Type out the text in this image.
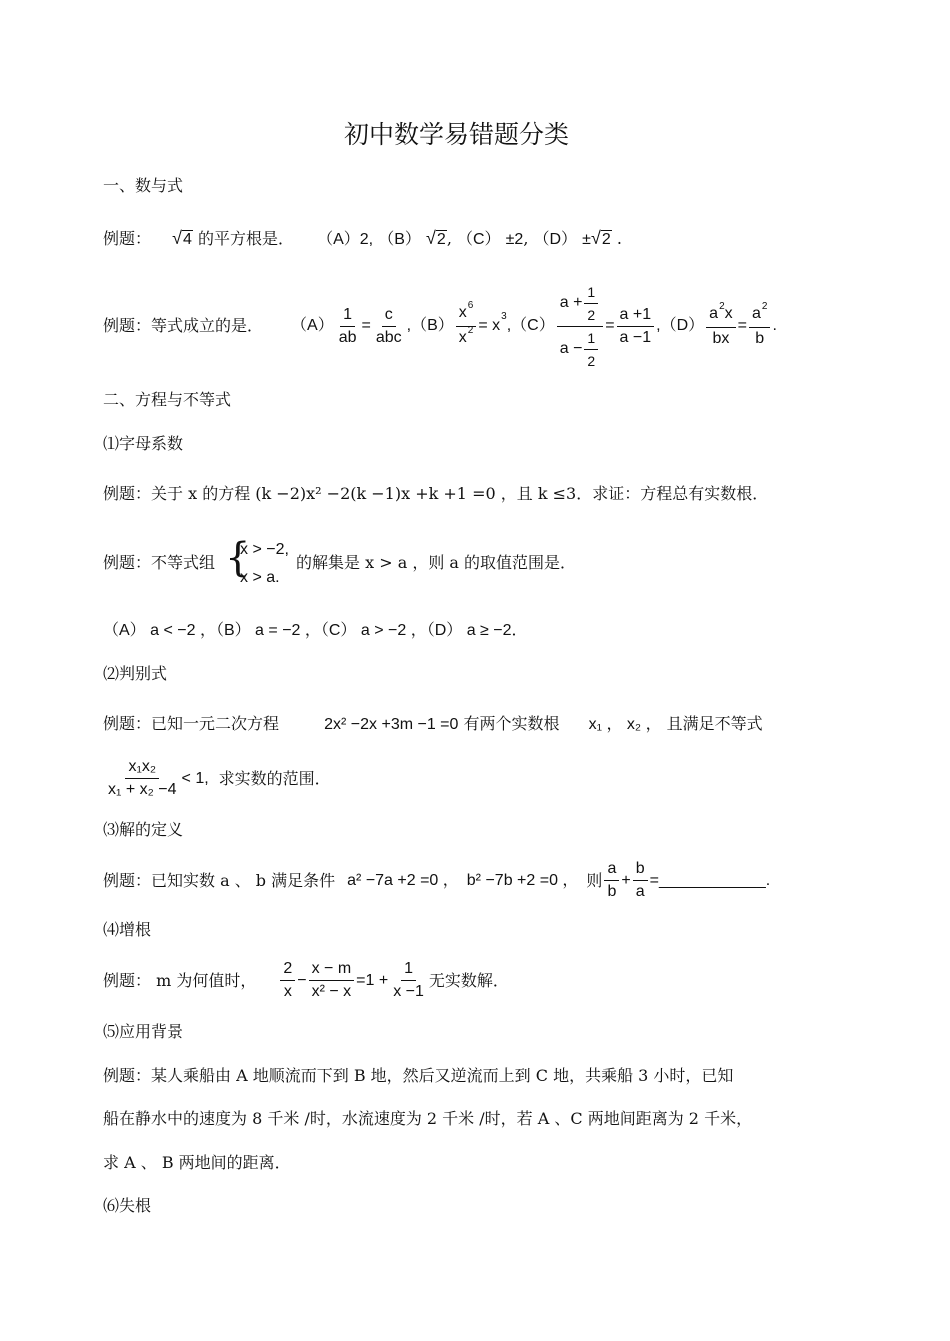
初中数学易错题分类
一、数与式
例题： √4 的平方根是． （A）2, （B） √2, （C） ±2, （D） ±√2 .
例题：等式成立的是． $(A) \frac{1}{ab} = \frac{c}{\text{abc}}$ , $(B) \frac{x^6}{x^2} = x$
3
, $(C) \frac{a + \frac{1}{2}}{a - \frac{1}{2}} = \frac{a +1}{a -1}$ , $(D) \frac{a^2x}{bx} = \frac{a^2}{b}$ .
二、方程与不等式
⑴字母系数
例题：关于 x 的方程 (k −2)x² −2(k −1)x +k +1 =0 ，且 k ≤3．求证：方程总有实数根．
例题：不等式组 {
x > −2,
x > a.
的解集是 x > a ，则 a 的取值范围是．
（A） a < −2 ，（B） a = −2 ，（C） a > −2 ，（D） a ≥ −2．
⑵判别式
例题：已知一元二次方程	2x² −2x +3m −1 =0 有两个实数根 x₁ ， x₂ ， 且满足不等式
$\frac{\text{x₁x₂}}{\text{x₁ + x₂ −4}} < 1$, 求实数的范围．
⑶解的定义
例题：已知实数 a 、 b 满足条件 a² −7a +2 =0 ， b² −7b +2 =0 ， 则 $\frac{a}{b} + \frac{b}{a}$ =____________.
⑷增根
例题： m 为何值时， $\frac{2}{x} - \frac{x - m}{\text{x² − x}} =1 + \frac{1}{x -1}$ 无实数解．
⑸应用背景
例题：某人乘船由 A 地顺流而下到 B 地，然后又逆流而上到 C 地，共乘船 3 小时，已知
船在静水中的速度为 8 千米 /时，水流速度为 2 千米 /时，若 A 、C 两地间距离为 2 千米，
求 A 、 B 两地间的距离．
⑹失根
